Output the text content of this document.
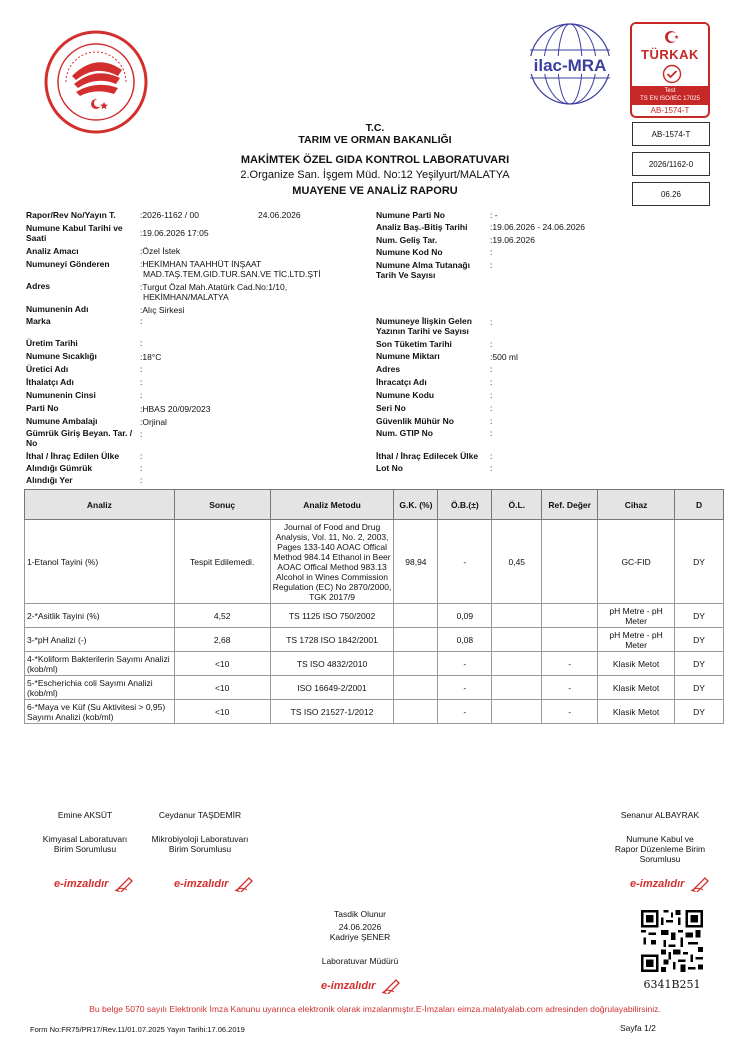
ilac-MRA
TÜRKAK
Test
TS EN ISO/IEC 17025
AB-1574-T
AB-1574-T
2026/1162-0
06.26
T.C.
TARIM VE ORMAN BAKANLIĞI
MAKİMTEK ÖZEL GIDA KONTROL LABORATUVARI
2.Organize San. İşgem Müd. No:12 Yeşilyurt/MALATYA
MUAYENE VE ANALİZ RAPORU
Rapor/Rev No/Yayın T.	:2026-1162 / 00	24.06.2026
Numune Kabul Tarihi ve
Saati	:19.06.2026 17:05
Analiz Amacı	:Özel İstek
Numuneyi Gönderen	:HEKİMHAN TAAHHÜT İNŞAAT
MAD.TAŞ.TEM.GID.TUR.SAN.VE TİC.LTD.ŞTİ
Adres	:Turgut Özal Mah.Atatürk Cad.No:1/10,
HEKİMHAN/MALATYA
Numunenin Adı	:Alıç Sirkesi
Marka	:
Üretim Tarihi	:
Numune Sıcaklığı	:18°C
Üretici Adı	:
İthalatçı Adı	:
Numunenin Cinsi	:
Parti No	:HBAS 20/09/2023
Numune Ambalajı	:Orjinal
Gümrük Giriş Beyan. Tar. /
No
:
İthal / İhraç Edilen Ülke :
Alındığı Gümrük	:
Alındığı Yer	:
Numune Parti No	: -
Analiz Baş.-Bitiş Tarihi	:19.06.2026 - 24.06.2026
Num. Geliş Tar.	:19.06.2026
Numune Kod No	:
Numune Alma Tutanağı
Tarih Ve Sayısı
:
Numuneye İlişkin Gelen
Yazının Tarihi ve Sayısı
:
Son Tüketim Tarihi	:
Numune Miktarı	:500 ml
Adres	:
İhracatçı Adı	:
Numune Kodu	:
Seri No	:
Güvenlik Mühür No	:
Num. GTIP No	:
İthal / İhraç Edilecek Ülke :
Lot No	:
Analiz	Sonuç	Analiz Metodu	G.K. (%)	Ö.B.(±)	Ö.L.	Ref. Değer	Cihaz	D
1-Etanol Tayini (%)	Tespit Edilemedi.	Journal of Food and Drug Analysis, Vol. 11, No. 2, 2003, Pages 133-140 AOAC Offical Method 984.14 Ethanol in Beer AOAC Offical Method 983.13 Alcohol in Wines Commission Regulation (EC) No 2870/2000, TGK 2017/9	98,94	-	0,45		GC-FID	DY
2-*Asitlik Tayini (%)	4,52	TS 1125 ISO 750/2002		0,09			pH Metre - pH Meter	DY
3-*pH Analizi (-)	2,68	TS 1728 ISO 1842/2001		0,08			pH Metre - pH Meter	DY
4-*Koliform Bakterilerin Sayımı Analizi (kob/ml)	<10	TS ISO 4832/2010		-		-	Klasik Metot	DY
5-*Escherichia coli Sayımı Analizi (kob/ml)	<10	ISO 16649-2/2001		-		-	Klasik Metot	DY
6-*Maya ve Küf (Su Aktivitesi > 0,95) Sayımı Analizi (kob/ml)	<10	TS ISO 21527-1/2012		-		-	Klasik Metot	DY
Emine AKSÜT
Kimyasal Laboratuvarı
Birim Sorumlusu
Ceydanur TAŞDEMİR
Mikrobiyoloji Laboratuvarı
Birim Sorumlusu
Senanur ALBAYRAK
Numune Kabul ve
Rapor Düzenleme Birim
Sorumlusu
e-imzalıdır	e-imzalıdır	e-imzalıdır
Tasdik Olunur
24.06.2026
Kadriye ŞENER
Laboratuvar Müdürü
e-imzalıdır	6341B251
Bu belge 5070 sayılı Elektronik İmza Kanunu uyarınca elektronik olarak imzalanmıştır.E-İmzaları eimza.malatyalab.com adresinden doğrulayabilirsiniz.
Form No:FR75/PR17/Rev.11/01.07.2025 Yayın Tarihi:17.06.2019	Sayfa 1/2
